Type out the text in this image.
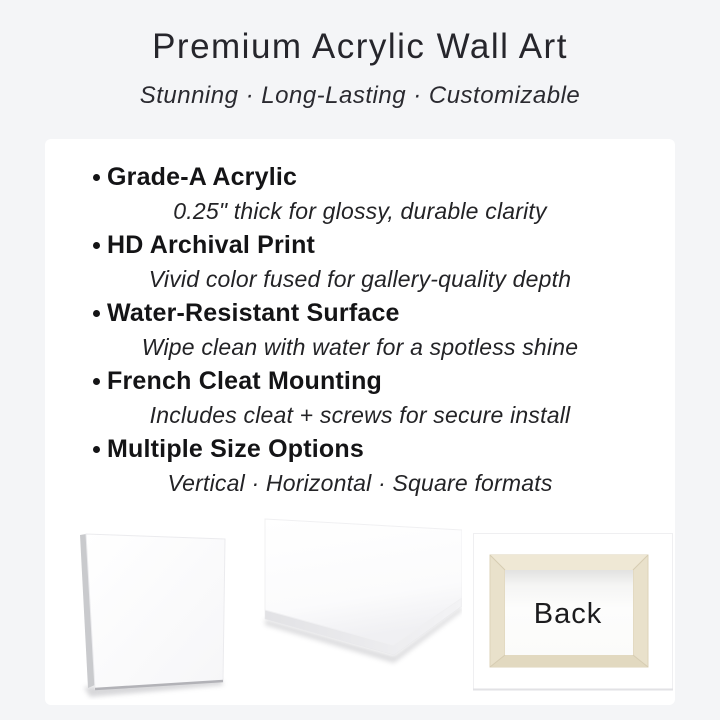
Premium Acrylic Wall Art

Stunning · Long-Lasting · Customizable

Grade-A Acrylic
0.25" thick for glossy, durable clarity
HD Archival Print
Vivid color fused for gallery-quality depth
Water-Resistant Surface
Wipe clean with water for a spotless shine
French Cleat Mounting
Includes cleat + screws for secure install
Multiple Size Options
Vertical · Horizontal · Square formats
Back
